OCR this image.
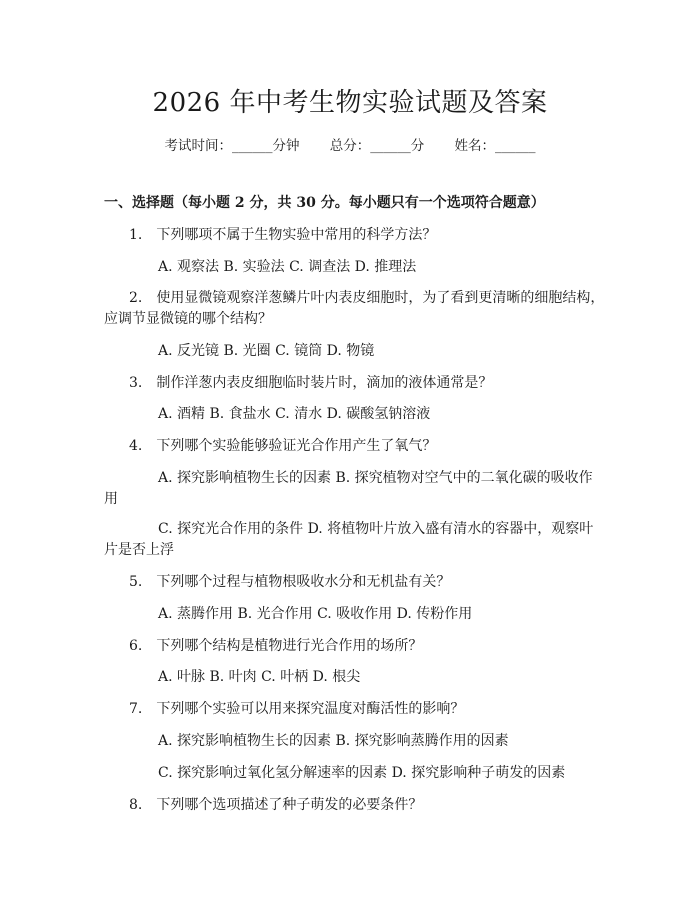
2026 年中考生物实验试题及答案
考试时间：______分钟 总分：______分 姓名：______
一、选择题（每小题 2 分，共 30 分。每小题只有一个选项符合题意）
1.　下列哪项不属于生物实验中常用的科学方法？
A. 观察法 B. 实验法 C. 调查法 D. 推理法
2.　使用显微镜观察洋葱鳞片叶内表皮细胞时，为了看到更清晰的细胞结构，
应调节显微镜的哪个结构？
A. 反光镜 B. 光圈 C. 镜筒 D. 物镜
3.　制作洋葱内表皮细胞临时装片时，滴加的液体通常是？
A. 酒精 B. 食盐水 C. 清水 D. 碳酸氢钠溶液
4.　下列哪个实验能够验证光合作用产生了氧气？
A. 探究影响植物生长的因素 B. 探究植物对空气中的二氧化碳的吸收作
用
C. 探究光合作用的条件 D. 将植物叶片放入盛有清水的容器中，观察叶
片是否上浮
5.　下列哪个过程与植物根吸收水分和无机盐有关？
A. 蒸腾作用 B. 光合作用 C. 吸收作用 D. 传粉作用
6.　下列哪个结构是植物进行光合作用的场所？
A. 叶脉 B. 叶肉 C. 叶柄 D. 根尖
7.　下列哪个实验可以用来探究温度对酶活性的影响？
A. 探究影响植物生长的因素 B. 探究影响蒸腾作用的因素
C. 探究影响过氧化氢分解速率的因素 D. 探究影响种子萌发的因素
8.　下列哪个选项描述了种子萌发的必要条件？
